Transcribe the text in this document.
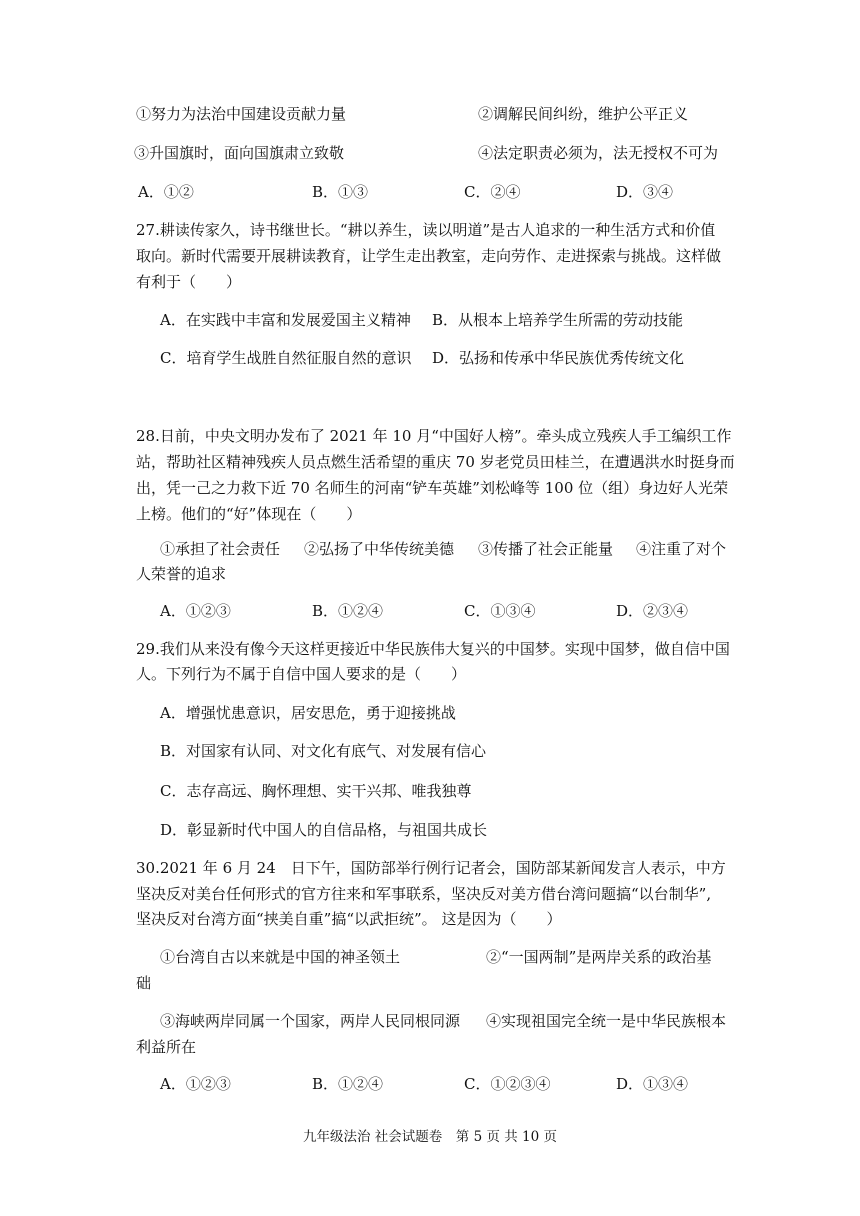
①努力为法治中国建设贡献力量	②调解民间纠纷，维护公平正义
③升国旗时，面向国旗肃立致敬	④法定职责必须为，法无授权不可为
A．①②	B．①③	C．②④	D．③④
27.耕读传家久，诗书继世长。“耕以养生，读以明道”是古人追求的一种生活方式和价值
取向。新时代需要开展耕读教育，让学生走出教室，走向劳作、走进探索与挑战。这样做
有利于（　　）
A．在实践中丰富和发展爱国主义精神 B．从根本上培养学生所需的劳动技能
C．培育学生战胜自然征服自然的意识 D．弘扬和传承中华民族优秀传统文化
28.日前，中央文明办发布了 2021 年 10 月“中国好人榜”。牵头成立残疾人手工编织工作
站，帮助社区精神残疾人员点燃生活希望的重庆 70 岁老党员田桂兰，在遭遇洪水时挺身而
出，凭一己之力救下近 70 名师生的河南“铲车英雄”刘松峰等 100 位（组）身边好人光荣
上榜。他们的“好”体现在（　　）
①承担了社会责任 ②弘扬了中华传统美德 ③传播了社会正能量 ④注重了对个
人荣誉的追求
A．①②③	B．①②④	C．①③④	D．②③④
29.我们从来没有像今天这样更接近中华民族伟大复兴的中国梦。实现中国梦，做自信中国
人。下列行为不属于自信中国人要求的是（　　）
A．增强忧患意识，居安思危，勇于迎接挑战
B．对国家有认同、对文化有底气、对发展有信心
C．志存高远、胸怀理想、实干兴邦、唯我独尊
D．彰显新时代中国人的自信品格，与祖国共成长
30.2021 年 6 月 24　日下午，国防部举行例行记者会，国防部某新闻发言人表示，中方
坚决反对美台任何形式的官方往来和军事联系，坚决反对美方借台湾问题搞“以台制华”,
坚决反对台湾方面“挟美自重”搞“以武拒统”。 这是因为（　　）
①台湾自古以来就是中国的神圣领土	②“一国两制”是两岸关系的政治基
础
③海峡两岸同属一个国家，两岸人民同根同源 ④实现祖国完全统一是中华民族根本
利益所在
A．①②③	B．①②④	C．①②③④	D．①③④
九年级法治 社会试题卷　第 5 页 共 10 页
